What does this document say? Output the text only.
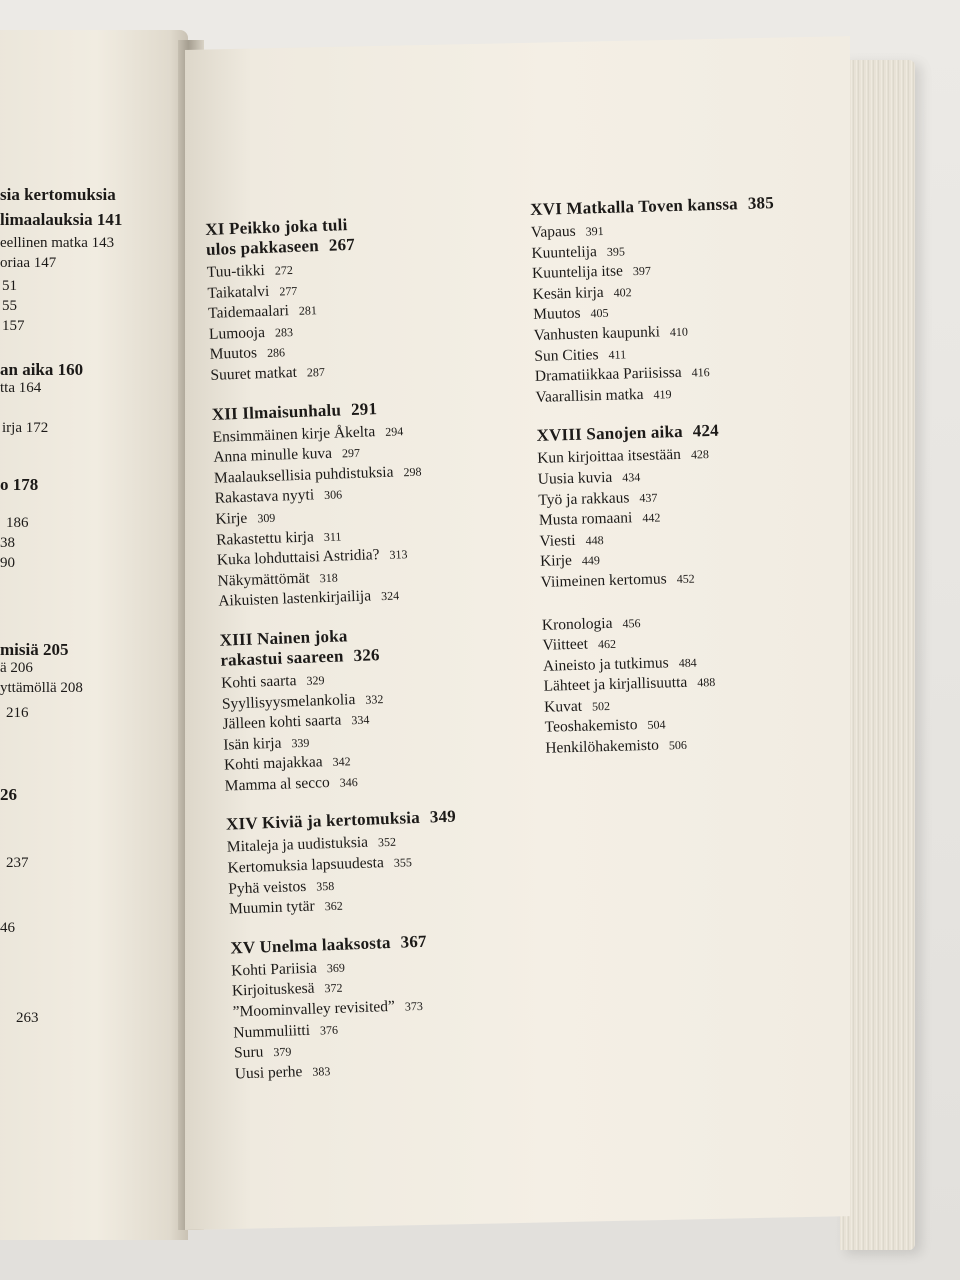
sia kertomuksia
limaalauksia 141
eellinen matka 143
oriaa 147
51
55
157
an aika 160
tta 164
irja 172
o 178
186
38
90
misiä 205
ä 206
yttämöllä 208
216
26
237
46
263
XI Peikko joka tuli
ulos pakkaseen 267
Tuu-tikki 272
Taikatalvi 277
Taidemaalari 281
Lumooja 283
Muutos 286
Suuret matkat 287
XII Ilmaisunhalu 291
Ensimmäinen kirje Åkelta 294
Anna minulle kuva 297
Maalauksellisia puhdistuksia 298
Rakastava nyyti 306
Kirje 309
Rakastettu kirja 311
Kuka lohduttaisi Astridia? 313
Näkymättömät 318
Aikuisten lastenkirjailija 324
XIII Nainen joka
rakastui saareen 326
Kohti saarta 329
Syyllisyysmelankolia 332
Jälleen kohti saarta 334
Isän kirja 339
Kohti majakkaa 342
Mamma al secco 346
XIV Kiviä ja kertomuksia 349
Mitaleja ja uudistuksia 352
Kertomuksia lapsuudesta 355
Pyhä veistos 358
Muumin tytär 362
XV Unelma laaksosta 367
Kohti Pariisia 369
Kirjoituskesä 372
”Moominvalley revisited” 373
Nummuliitti 376
Suru 379
Uusi perhe 383
XVI Matkalla Toven kanssa 385
Vapaus 391
Kuuntelija 395
Kuuntelija itse 397
Kesän kirja 402
Muutos 405
Vanhusten kaupunki 410
Sun Cities 411
Dramatiikkaa Pariisissa 416
Vaarallisin matka 419
XVIII Sanojen aika 424
Kun kirjoittaa itsestään 428
Uusia kuvia 434
Työ ja rakkaus 437
Musta romaani 442
Viesti 448
Kirje 449
Viimeinen kertomus 452
Kronologia 456
Viitteet 462
Aineisto ja tutkimus 484
Lähteet ja kirjallisuutta 488
Kuvat 502
Teoshakemisto 504
Henkilöhakemisto 506
